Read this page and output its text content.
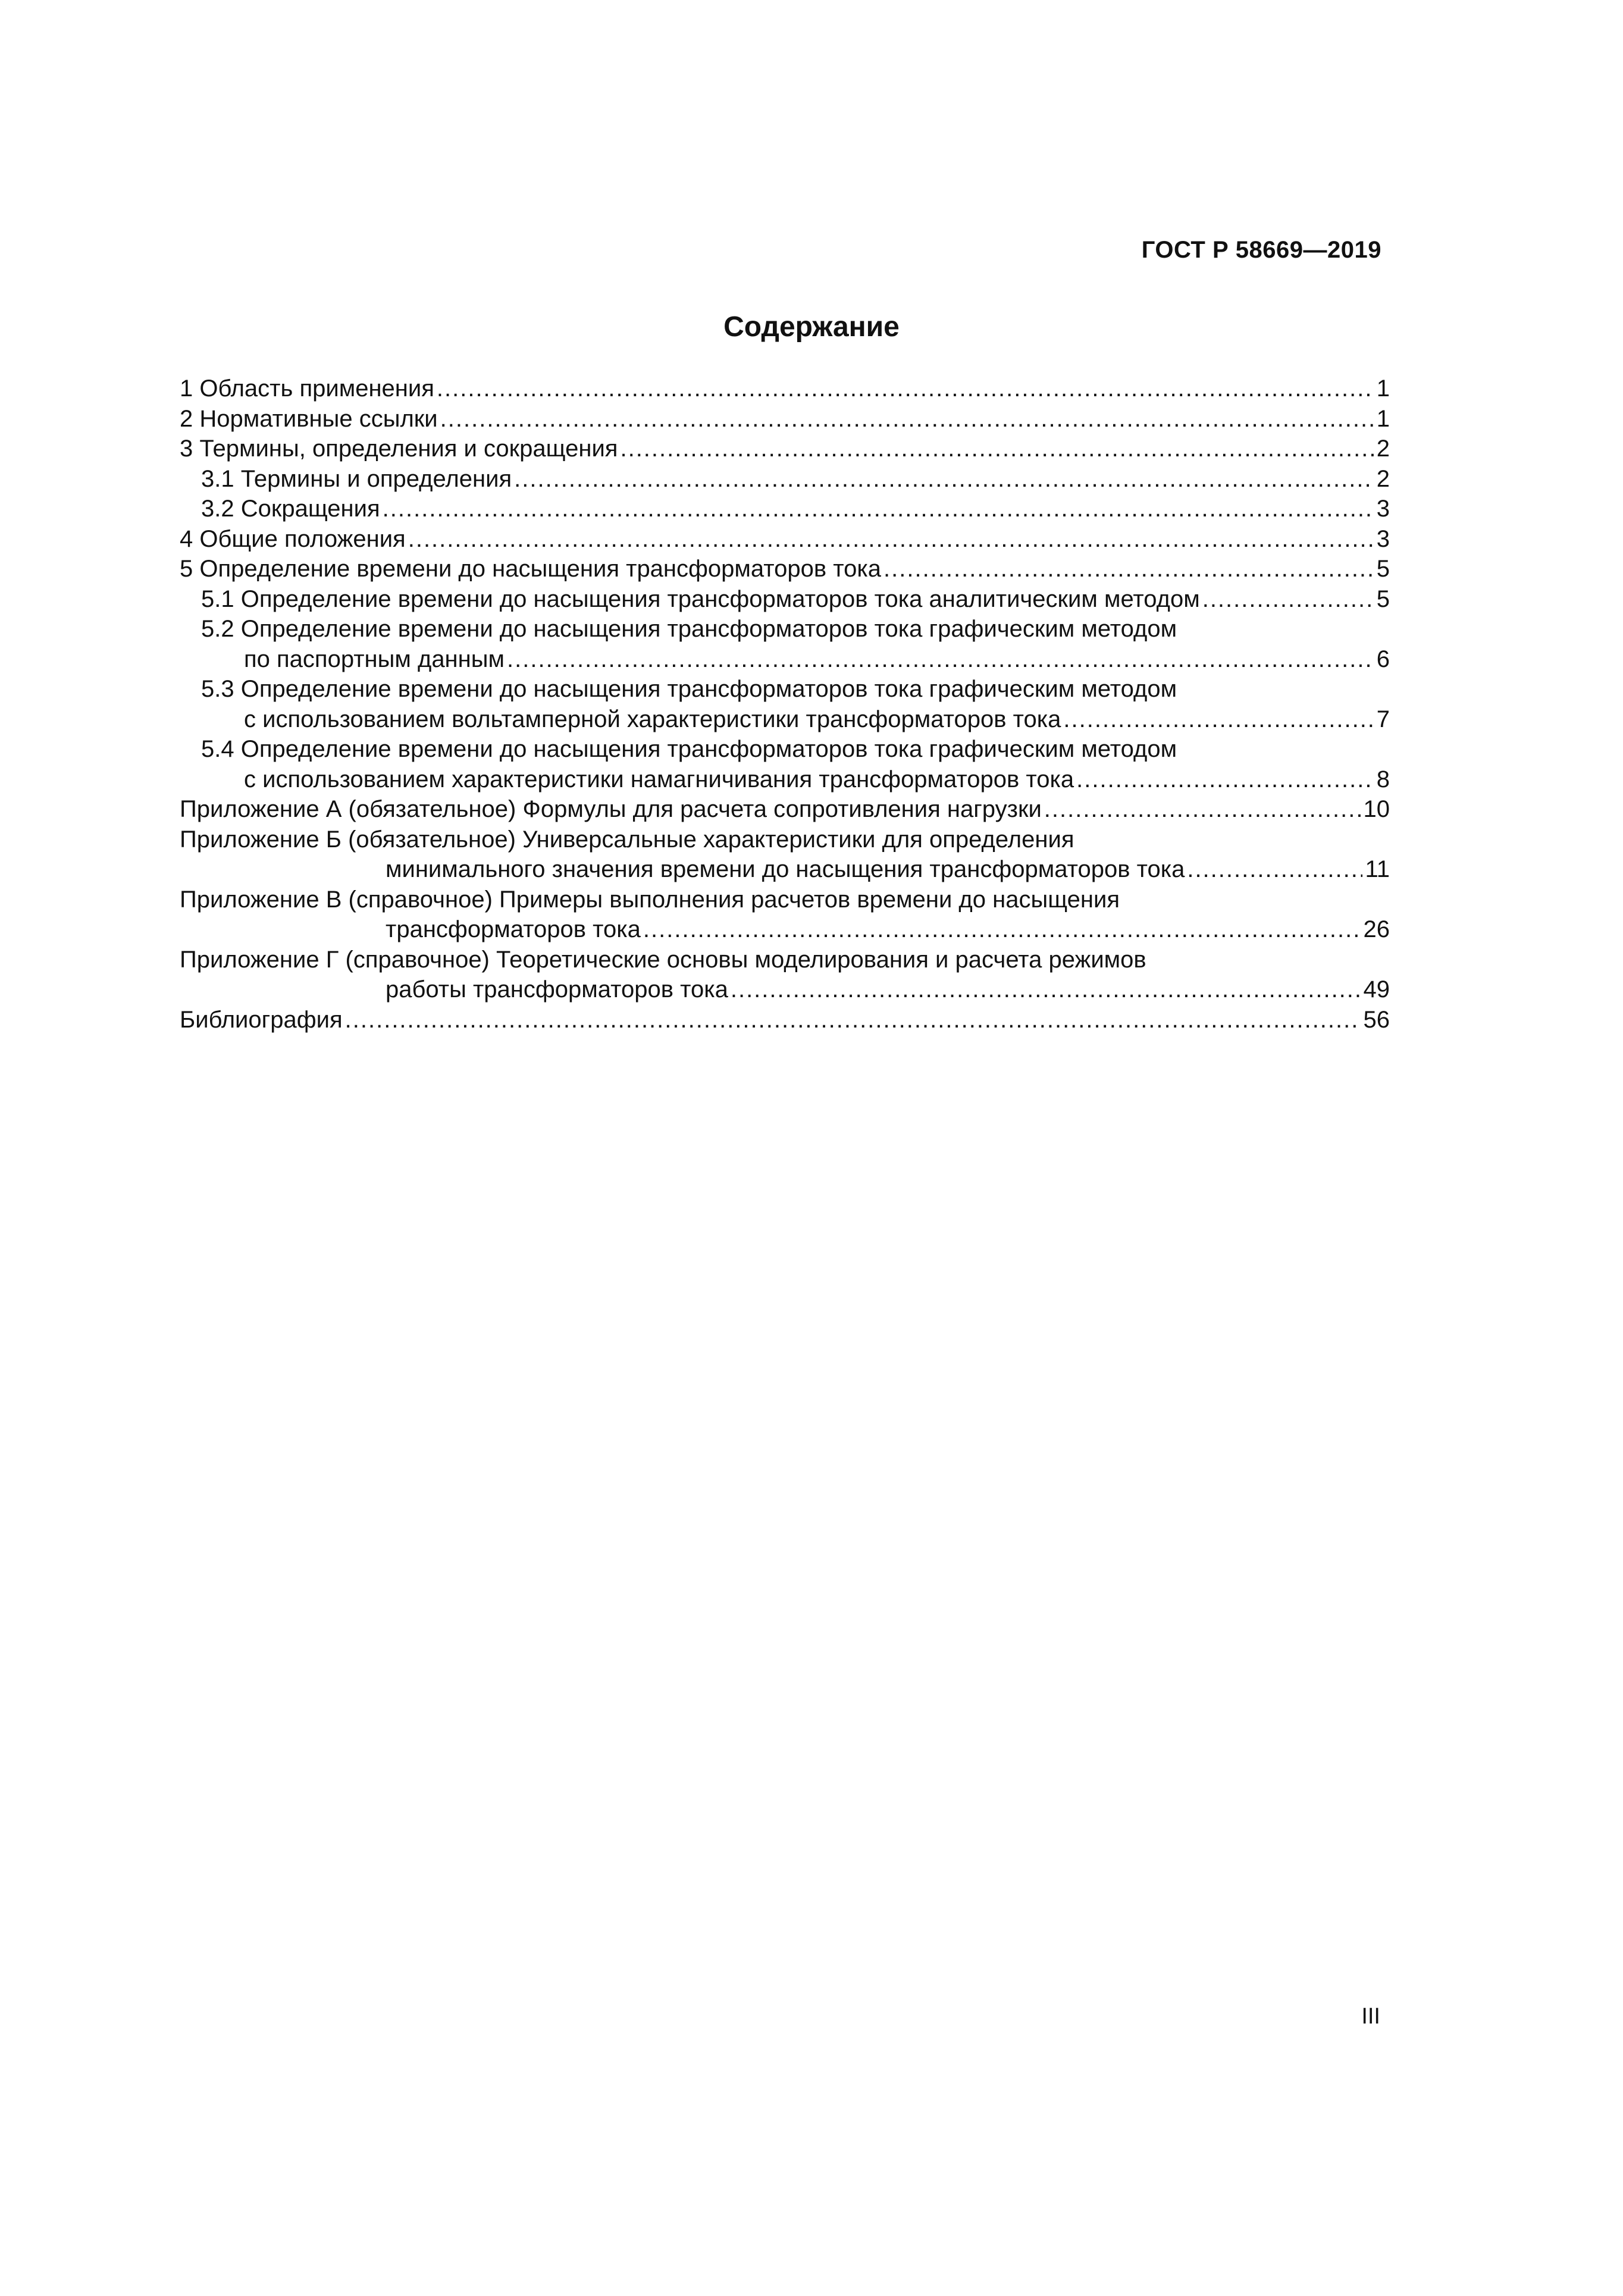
ГОСТ Р 58669—2019
Содержание
1 Область применения .....	1
2 Нормативные ссылки .....	1
3 Термины, определения и сокращения .....	2
3.1 Термины и определения .....	2
3.2 Сокращения .....	3
4 Общие положения .....	3
5 Определение времени до насыщения трансформаторов тока .....	5
5.1 Определение времени до насыщения трансформаторов тока аналитическим методом .....	5
5.2 Определение времени до насыщения трансформаторов тока графическим методом
по паспортным данным .....	6
5.3 Определение времени до насыщения трансформаторов тока графическим методом
с использованием вольтамперной характеристики трансформаторов тока .....	7
5.4 Определение времени до насыщения трансформаторов тока графическим методом
с использованием характеристики намагничивания трансформаторов тока .....	8
Приложение А (обязательное) Формулы для расчета сопротивления нагрузки .....	10
Приложение Б (обязательное) Универсальные характеристики для определения
минимального значения времени до насыщения трансформаторов тока .....	11
Приложение В (справочное) Примеры выполнения расчетов времени до насыщения
трансформаторов тока .....	26
Приложение Г (справочное) Теоретические основы моделирования и расчета режимов
работы трансформаторов тока .....	49
Библиография .....	56
III
